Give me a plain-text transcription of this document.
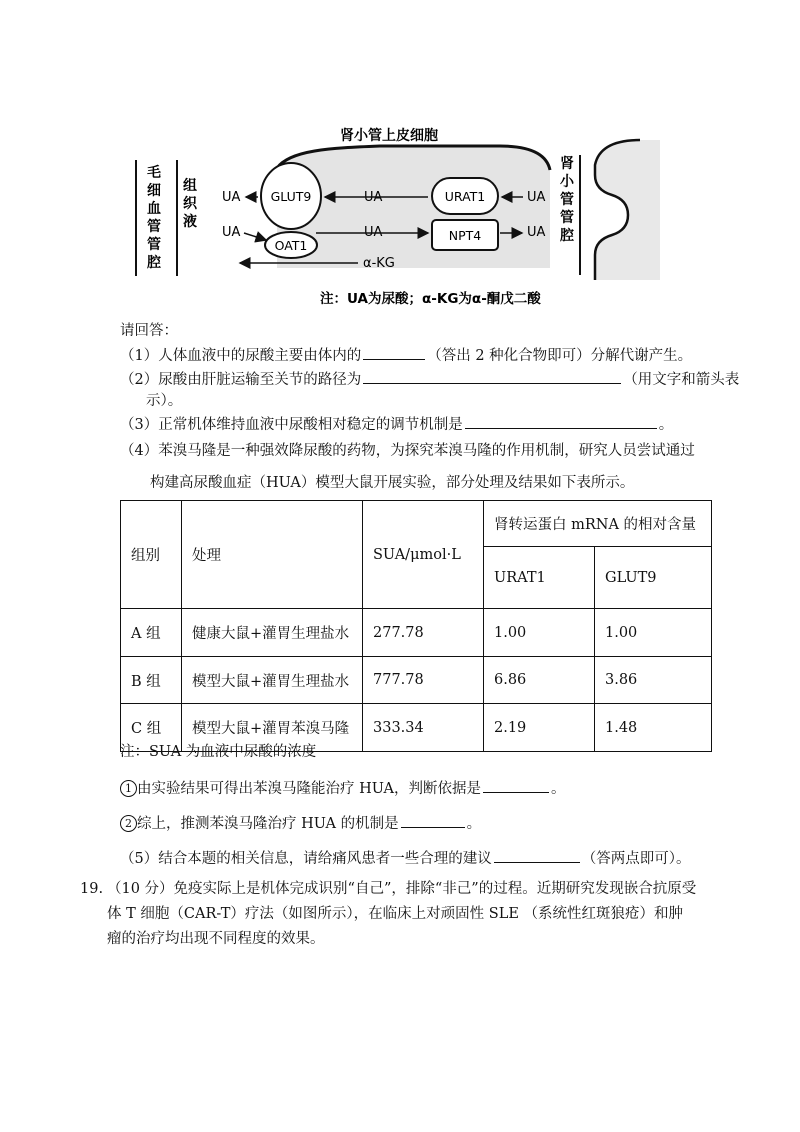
毛
细
血
管
管
腔
组
织
液
肾小管上皮细胞
肾
小
管
管
腔
GLUT9
OAT1
URAT1
NPT4
UA	UA	UA
UA	UA	UA
α-KG
注：UA为尿酸；α-KG为α-酮戊二酸
请回答：
（1）人体血液中的尿酸主要由体内的	（答出 2 种化合物即可）分解代谢产生。
（2）尿酸由肝脏运输至关节的路径为	（用文字和箭头表
示）。
（3）正常机体维持血液中尿酸相对稳定的调节机制是	。
（4）苯溴马隆是一种强效降尿酸的药物，为探究苯溴马隆的作用机制，研究人员尝试通过
构建高尿酸血症（HUA）模型大鼠开展实验，部分处理及结果如下表所示。
组别	处理	SUA/μmol·L	肾转运蛋白 mRNA 的相对含量	
			URAT1	GLUT9
A 组	健康大鼠+灌胃生理盐水	277.78	1.00	1.00
B 组	模型大鼠+灌胃生理盐水	777.78	6.86	3.86
C 组	模型大鼠+灌胃苯溴马隆	333.34	2.19	1.48
注：SUA 为血液中尿酸的浓度
1 由实验结果可得出苯溴马隆能治疗 HUA，判断依据是	。
2 综上，推测苯溴马隆治疗 HUA 的机制是	。
（5）结合本题的相关信息，请给痛风患者一些合理的建议	（答两点即可）。
19. （10 分）免疫实际上是机体完成识别“自己”，排除“非己”的过程。近期研究发现嵌合抗原受
体 T 细胞（CAR-T）疗法（如图所示），在临床上对顽固性 SLE （系统性红斑狼疮）和肿
瘤的治疗均出现不同程度的效果。
